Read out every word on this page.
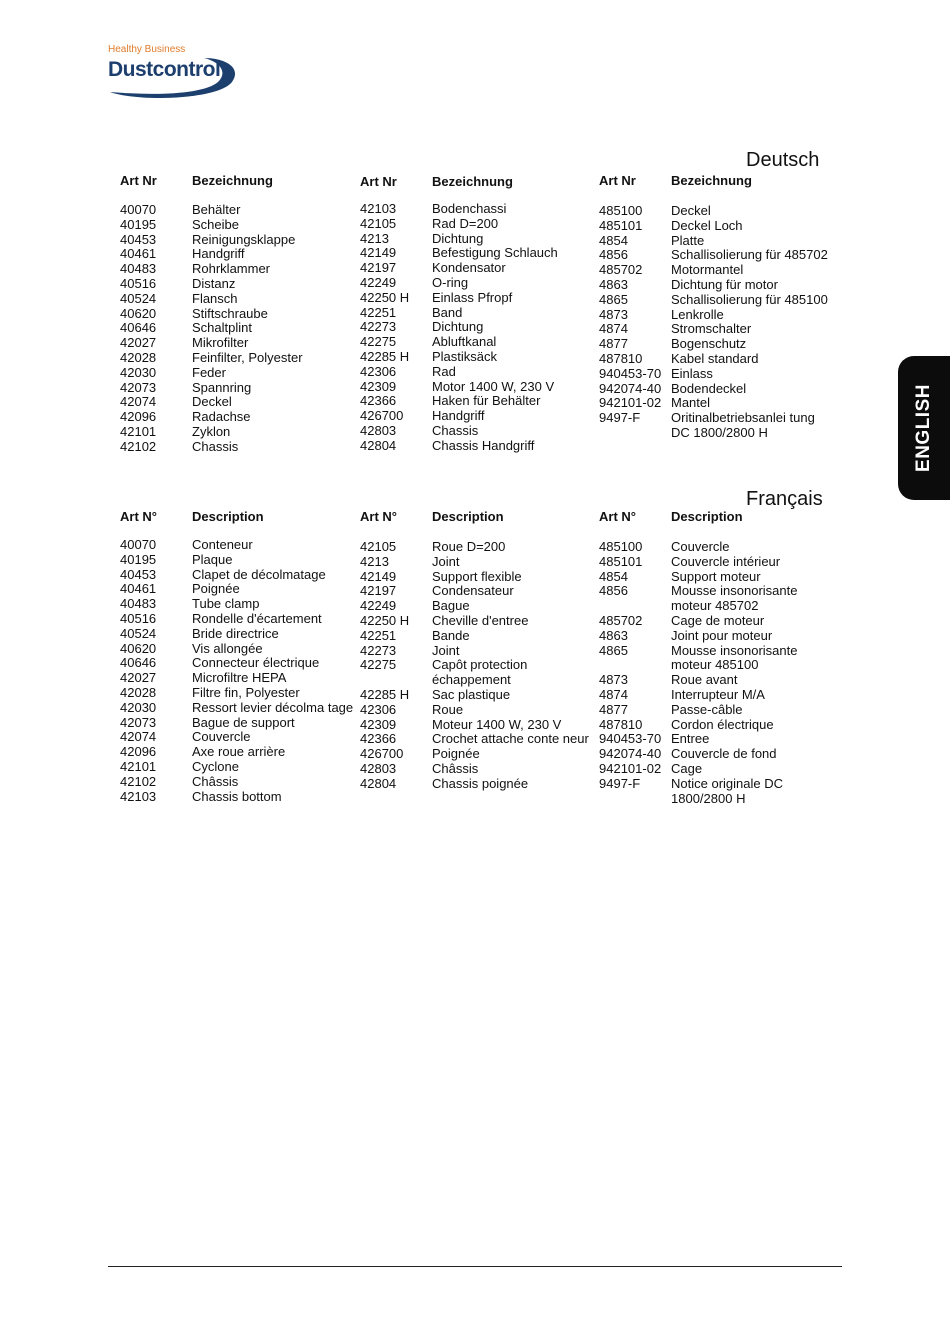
Healthy Business
Dustcontrol
Deutsch
Français
Art Nr	Bezeichnung
40070	Behälter
40195	Scheibe
40453	Reinigungsklappe
40461	Handgriff
40483	Rohrklammer
40516	Distanz
40524	Flansch
40620	Stiftschraube
40646	Schaltplint
42027	Mikrofilter
42028	Feinfilter, Polyester
42030	Feder
42073	Spannring
42074	Deckel
42096	Radachse
42101	Zyklon
42102	Chassis
Art Nr	Bezeichnung
42103	Bodenchassi
42105	Rad D=200
4213	Dichtung
42149	Befestigung Schlauch
42197	Kondensator
42249	O-ring
42250 H	Einlass Pfropf
42251	Band
42273	Dichtung
42275	Abluftkanal
42285 H	Plastiksäck
42306	Rad
42309	Motor 1400 W, 230 V
42366	Haken für Behälter
426700	Handgriff
42803	Chassis
42804	Chassis Handgriff
Art Nr	Bezeichnung
485100	Deckel
485101	Deckel Loch
4854	Platte
4856	Schallisolierung für 485702
485702	Motormantel
4863	Dichtung für motor
4865	Schallisolierung für 485100
4873	Lenkrolle
4874	Stromschalter
4877	Bogenschutz
487810	Kabel standard
940453-70 Einlass
942074-40 Bodendeckel
942101-02 Mantel
9497-F	Oritinalbetriebsanlei tung DC 1800/2800 H
Art N°	Description
40070	Conteneur
40195	Plaque
40453	Clapet de décolmatage
40461	Poignée
40483	Tube clamp
40516	Rondelle d'écartement
40524	Bride directrice
40620	Vis allongée
40646	Connecteur électrique
42027	Microfiltre HEPA
42028	Filtre fin, Polyester
42030	Ressort levier décolma tage
42073	Bague de support
42074	Couvercle
42096	Axe roue arrière
42101	Cyclone
42102	Châssis
42103	Chassis bottom
Art N°	Description
42105	Roue D=200
4213	Joint
42149	Support flexible
42197	Condensateur
42249	Bague
42250 H	Cheville d'entree
42251	Bande
42273	Joint
42275	Capôt protection échappement
42285 H	Sac plastique
42306	Roue
42309	Moteur 1400 W, 230 V
42366	Crochet attache conte neur
426700	Poignée
42803	Châssis
42804	Chassis poignée
Art N°	Description
485100	Couvercle
485101	Couvercle intérieur
4854	Support moteur
4856	Mousse insonorisante moteur 485702
485702	Cage de moteur
4863	Joint pour moteur
4865	Mousse insonorisante moteur 485100
4873	Roue avant
4874	Interrupteur M/A
4877	Passe-câble
487810	Cordon électrique
940453-70 Entree
942074-40 Couvercle de fond
942101-02 Cage
9497-F	Notice originale DC 1800/2800 H
ENGLISH
